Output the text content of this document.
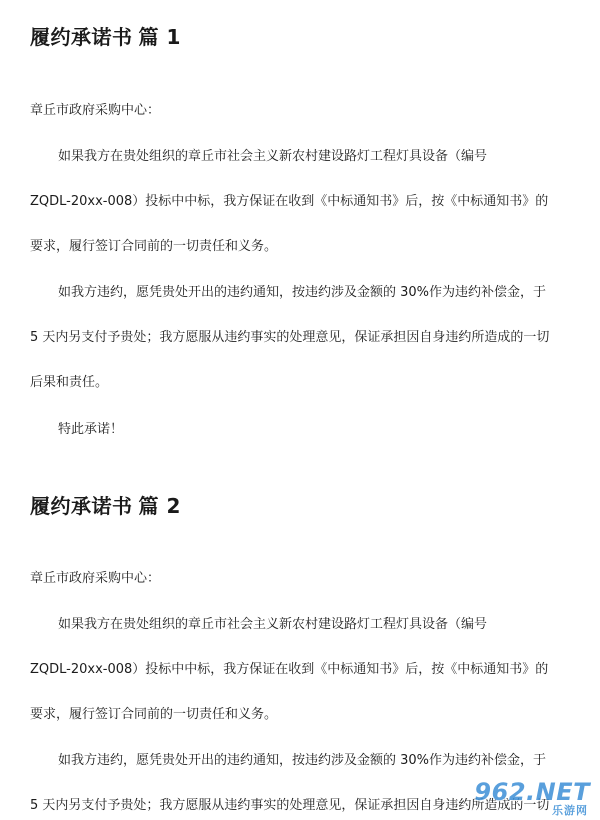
履约承诺书 篇 1

章丘市政府采购中心：

如果我方在贵处组织的章丘市社会主义新农村建设路灯工程灯具设备（编号

ZQDL-20xx-008）投标中中标，我方保证在收到《中标通知书》后，按《中标通知书》的

要求，履行签订合同前的一切责任和义务。

如我方违约，愿凭贵处开出的违约通知，按违约涉及金额的 30%作为违约补偿金，于

5 天内另支付予贵处；我方愿服从违约事实的处理意见，保证承担因自身违约所造成的一切

后果和责任。

特此承诺！

履约承诺书 篇 2

章丘市政府采购中心：

如果我方在贵处组织的章丘市社会主义新农村建设路灯工程灯具设备（编号

ZQDL-20xx-008）投标中中标，我方保证在收到《中标通知书》后，按《中标通知书》的

要求，履行签订合同前的一切责任和义务。

如我方违约，愿凭贵处开出的违约通知，按违约涉及金额的 30%作为违约补偿金，于

5 天内另支付予贵处；我方愿服从违约事实的处理意见，保证承担因自身违约所造成的一切

962.NET
乐游网
